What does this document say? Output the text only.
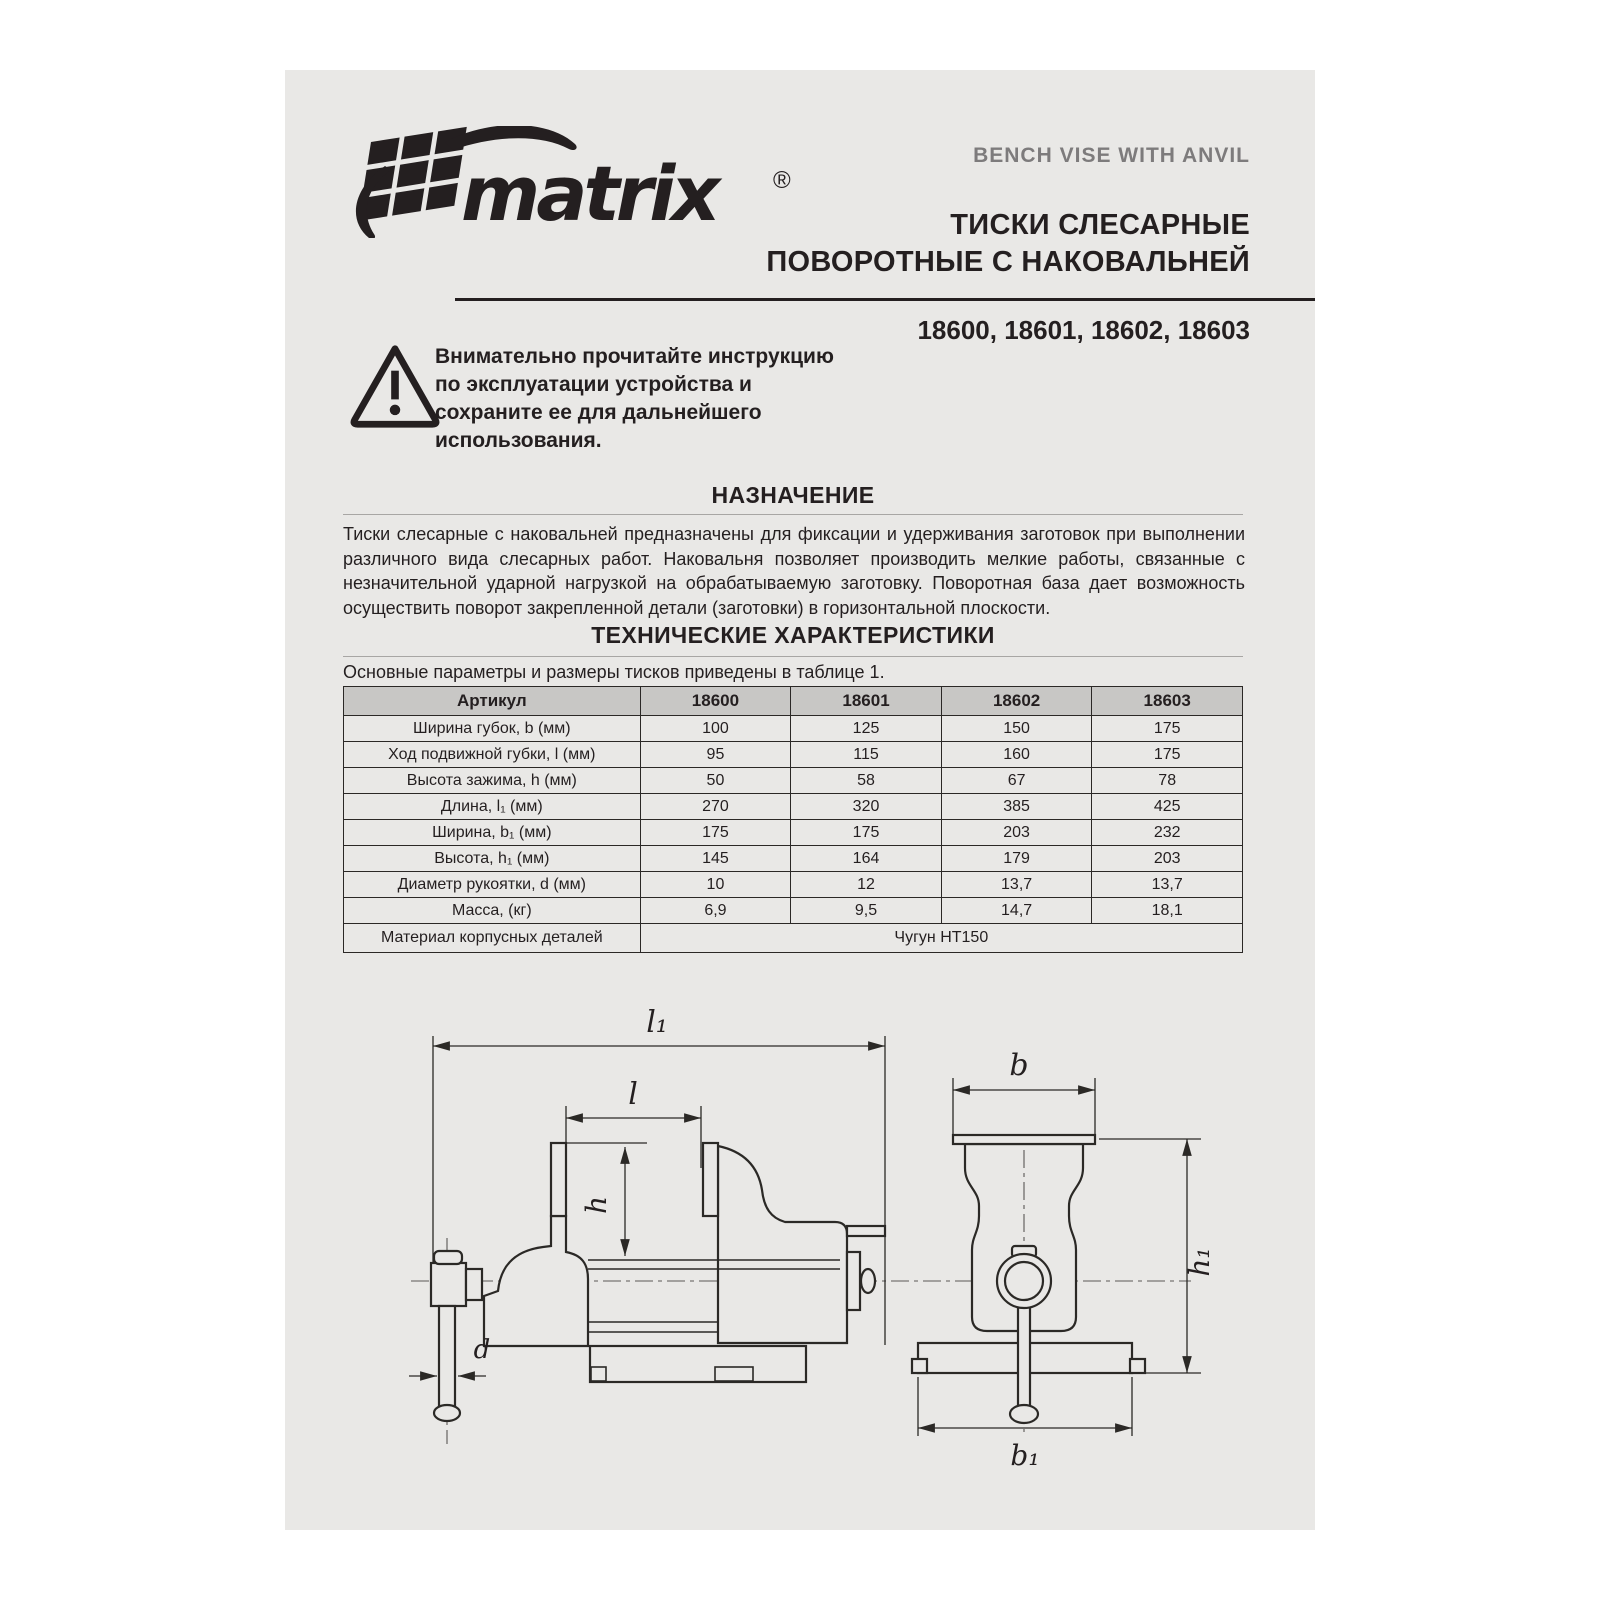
matrix ®
BENCH VISE WITH ANVIL
ТИСКИ СЛЕСАРНЫЕ
ПОВОРОТНЫЕ С НАКОВАЛЬНЕЙ
18600, 18601, 18602, 18603
Внимательно прочитайте инструкцию по эксплуатации устройства и сохраните ее для дальнейшего использования.
НАЗНАЧЕНИЕ
Тиски слесарные с наковальней предназначены для фиксации и удерживания заготовок при выполнении различного вида слесарных работ. Наковальня позволяет производить мелкие работы, связанные с незначительной ударной нагрузкой на обрабатываемую заготовку. Поворотная база дает возможность осуществить поворот закрепленной детали (заготовки) в горизонтальной плоскости.
ТЕХНИЧЕСКИЕ ХАРАКТЕРИСТИКИ
Основные параметры и размеры тисков приведены в таблице 1.
Артикул	18600	18601	18602	18603
Ширина губок, b (мм)	100	125	150	175
Ход подвижной губки, l (мм)	95	115	160	175
Высота зажима, h (мм)	50	58	67	78
Длина, l₁ (мм)	270	320	385	425
Ширина, b₁ (мм)	175	175	203	232
Высота, h₁ (мм)	145	164	179	203
Диаметр рукоятки, d (мм)	10	12	13,7	13,7
Масса, (кг)	6,9	9,5	14,7	18,1
Материал корпусных деталей	Чугун НТ150			
l₁
l
h
d
b
h₁
b₁
